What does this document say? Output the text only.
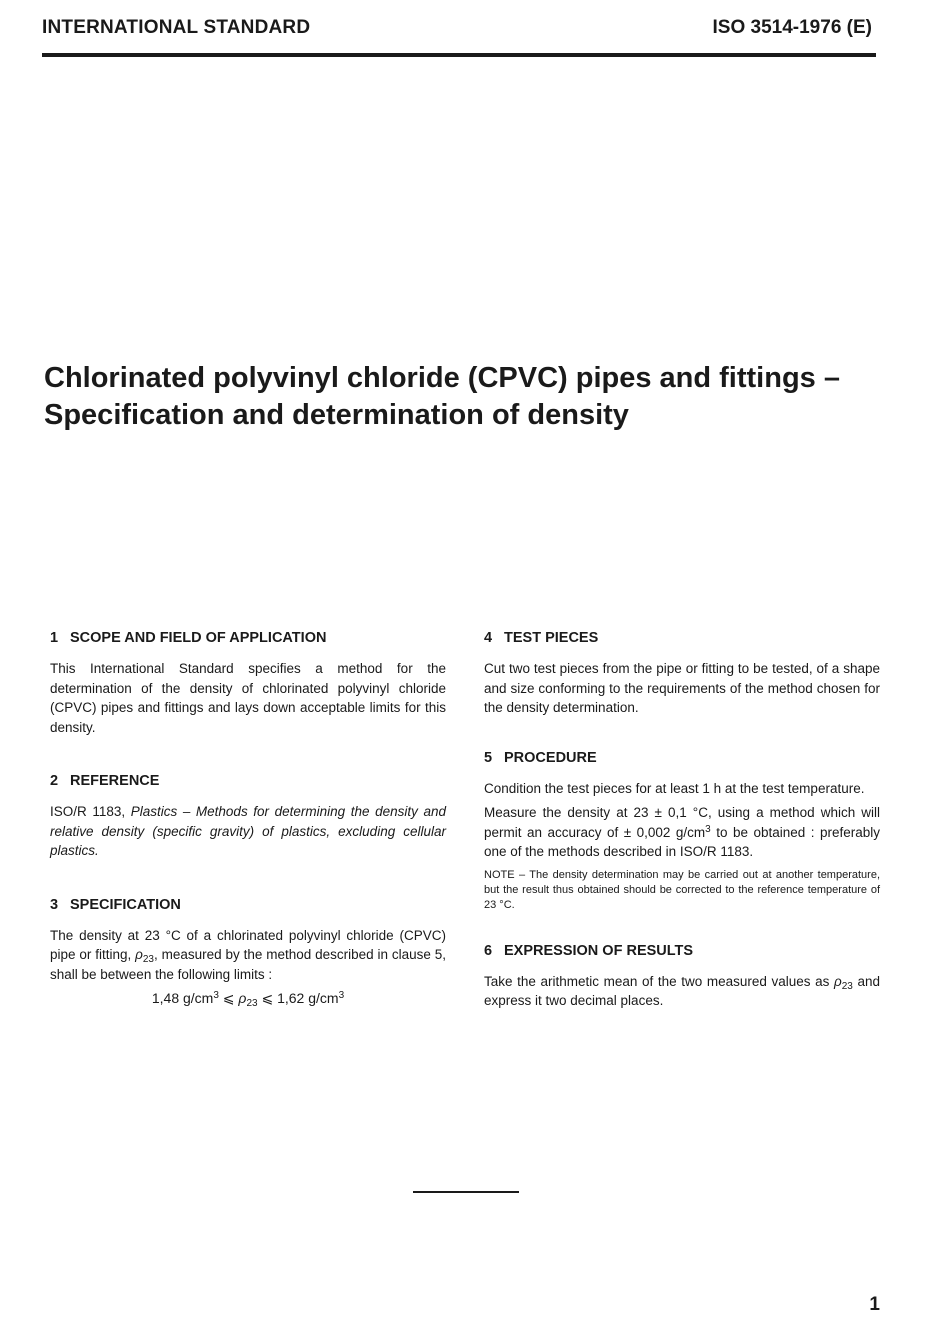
INTERNATIONAL STANDARD	ISO 3514-1976 (E)
Chlorinated polyvinyl chloride (CPVC) pipes and fittings –
Specification and determination of density
1 SCOPE AND FIELD OF APPLICATION

This International Standard specifies a method for the determination of the density of chlorinated polyvinyl chloride (CPVC) pipes and fittings and lays down acceptable limits for this density.

2 REFERENCE

ISO/R 1183, Plastics – Methods for determining the density and relative density (specific gravity) of plastics, excluding cellular plastics.

3 SPECIFICATION

The density at 23 °C of a chlorinated polyvinyl chloride (CPVC) pipe or fitting, $\rho_{23}$, measured by the method described in clause 5, shall be between the following limits :

1,48 $g/cm^3$ ⩽ $\rho_{23}$ ⩽ 1,62 $g/cm^3$
4 TEST PIECES

Cut two test pieces from the pipe or fitting to be tested, of a shape and size conforming to the requirements of the method chosen for the density determination.

5 PROCEDURE

Condition the test pieces for at least 1 h at the test temperature.

Measure the density at 23 ± 0,1 °C, using a method which will permit an accuracy of ± 0,002 $g/cm^3$ to be obtained : preferably one of the methods described in ISO/R 1183.

NOTE – The density determination may be carried out at another temperature, but the result thus obtained should be corrected to the reference temperature of 23 °C.

6 EXPRESSION OF RESULTS

Take the arithmetic mean of the two measured values as $\rho_{23}$ and express it two decimal places.

1
